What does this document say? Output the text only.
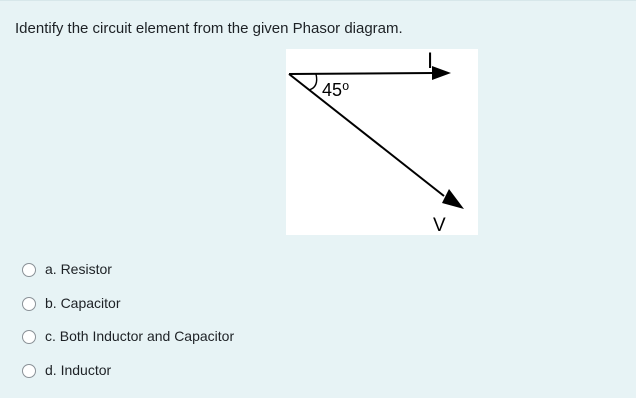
Identify the circuit element from the given Phasor diagram.
45⁰
I
V
a. Resistor
b. Capacitor
c. Both Inductor and Capacitor
d. Inductor
